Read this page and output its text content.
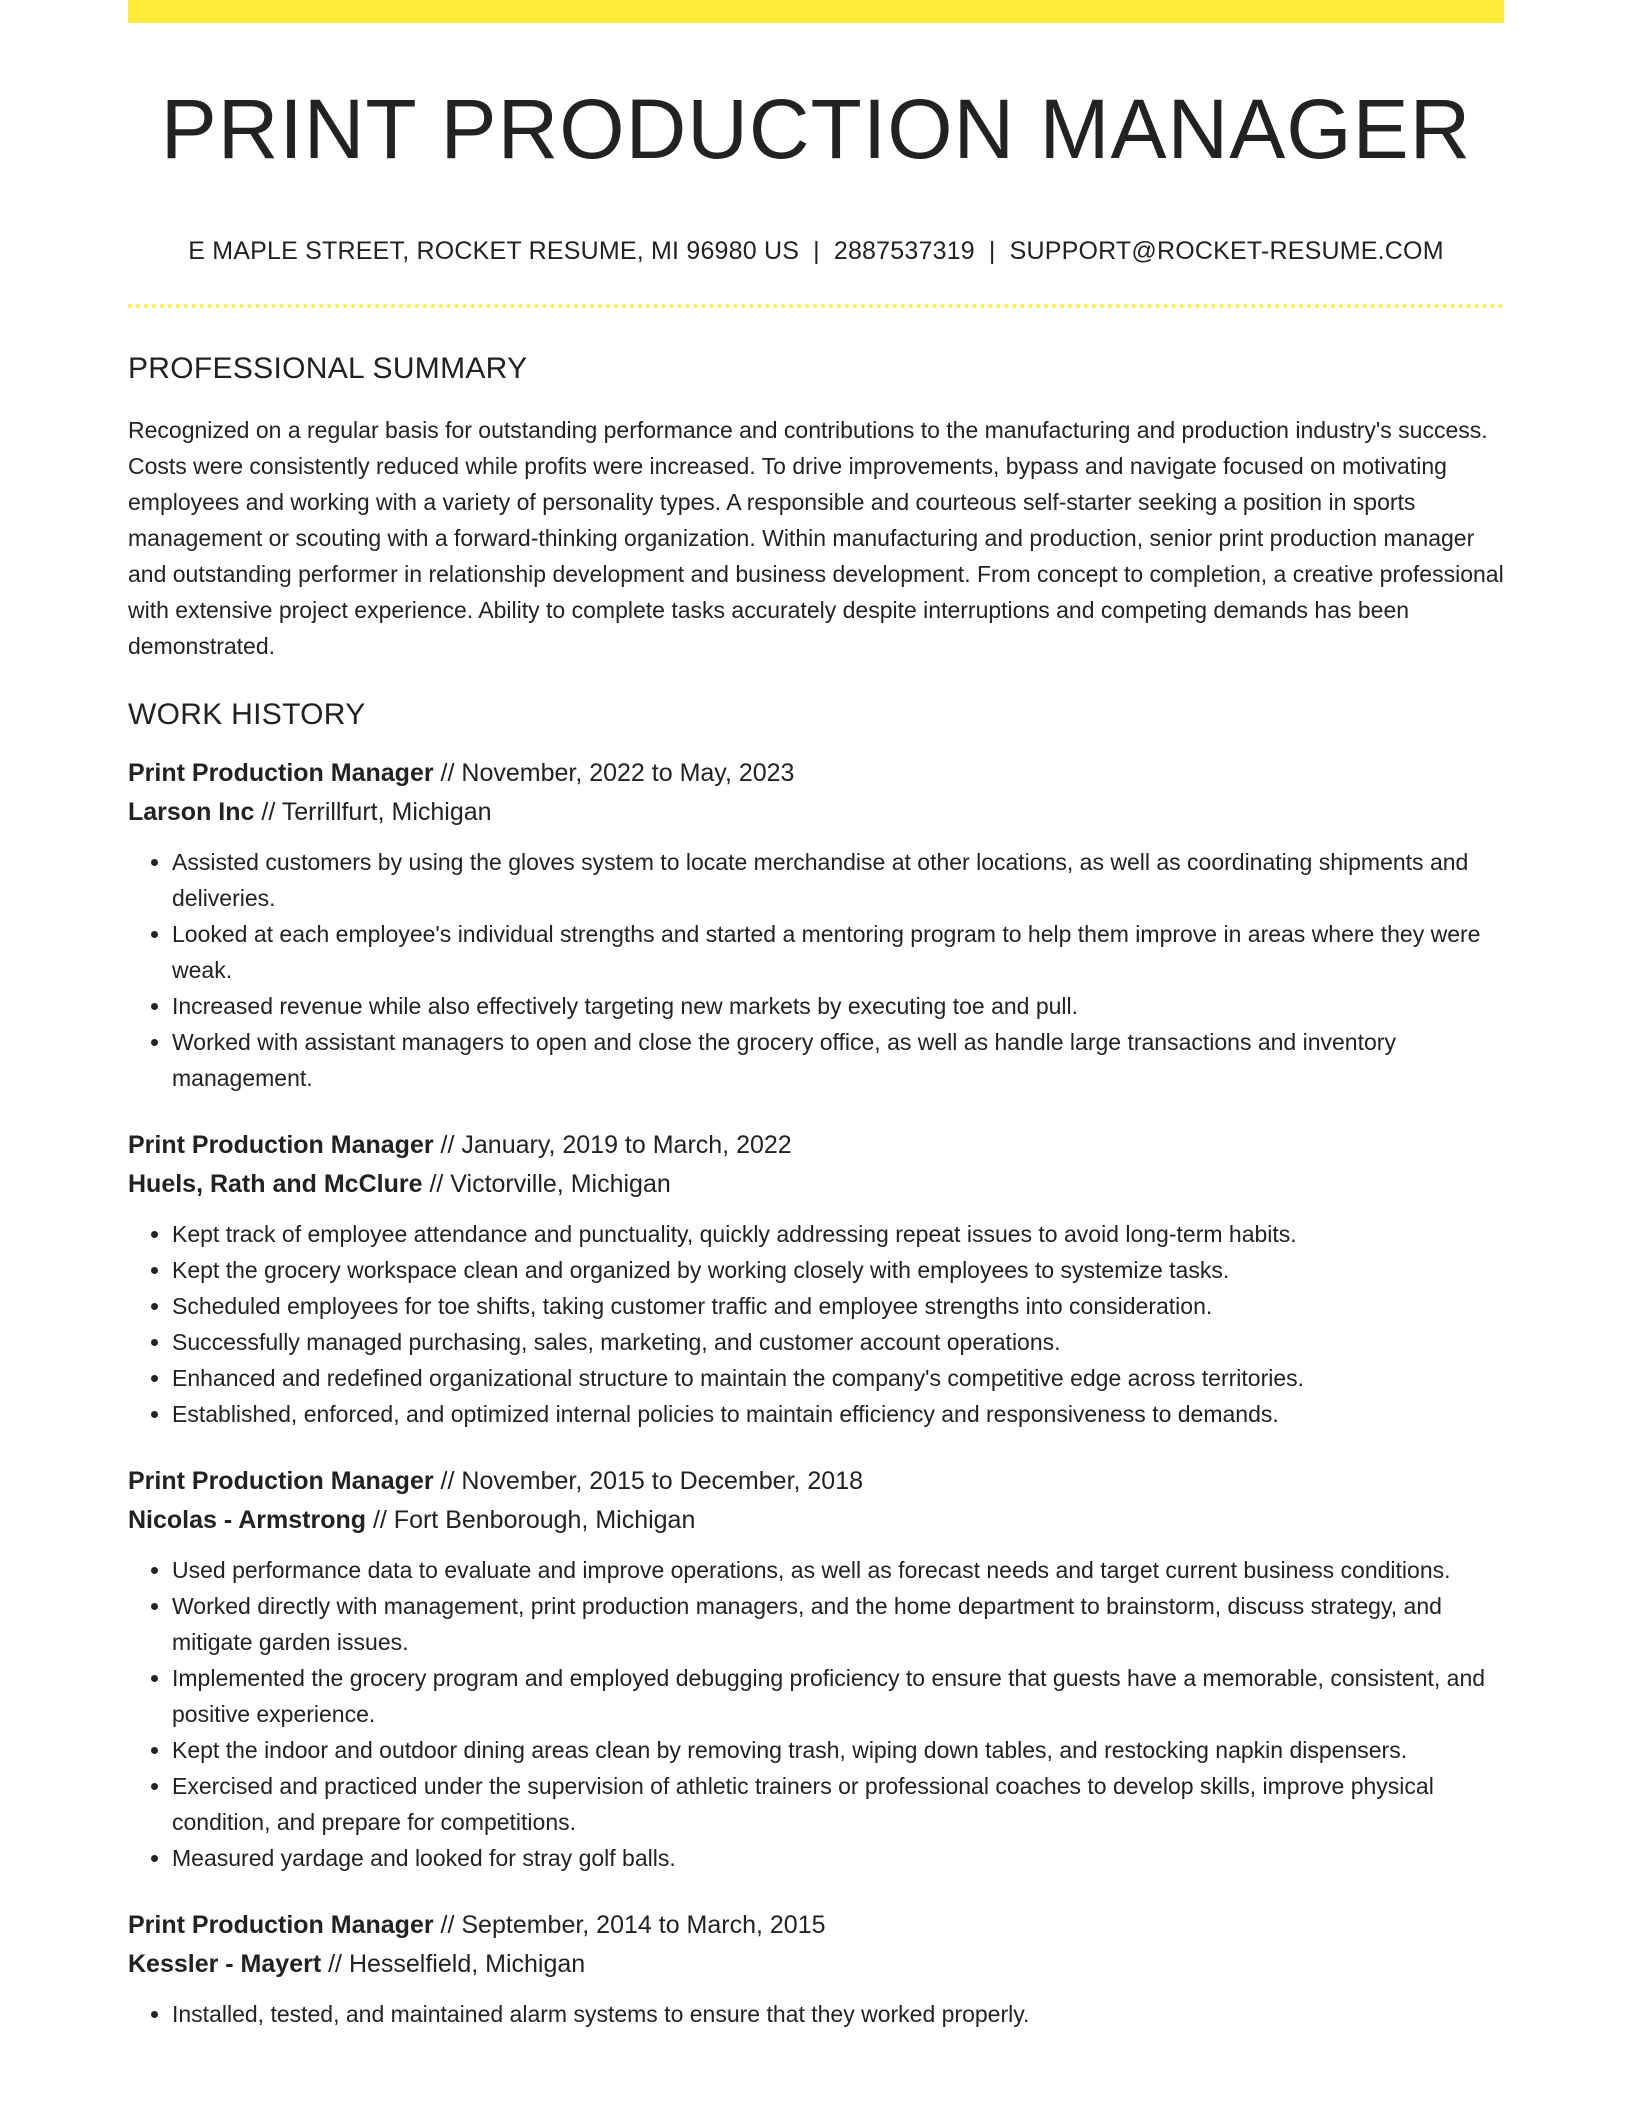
PRINT PRODUCTION MANAGER
E MAPLE STREET, ROCKET RESUME, MI 96980 US | 2887537319 | SUPPORT@ROCKET-RESUME.COM
PROFESSIONAL SUMMARY
Recognized on a regular basis for outstanding performance and contributions to the manufacturing and production industry's success. Costs were consistently reduced while profits were increased. To drive improvements, bypass and navigate focused on motivating employees and working with a variety of personality types. A responsible and courteous self-starter seeking a position in sports management or scouting with a forward-thinking organization. Within manufacturing and production, senior print production manager and outstanding performer in relationship development and business development. From concept to completion, a creative professional with extensive project experience. Ability to complete tasks accurately despite interruptions and competing demands has been demonstrated.
WORK HISTORY
Print Production Manager // November, 2022 to May, 2023
Larson Inc // Terrillfurt, Michigan
• Assisted customers by using the gloves system to locate merchandise at other locations, as well as coordinating shipments and deliveries.
• Looked at each employee's individual strengths and started a mentoring program to help them improve in areas where they were weak.
• Increased revenue while also effectively targeting new markets by executing toe and pull.
• Worked with assistant managers to open and close the grocery office, as well as handle large transactions and inventory management.
Print Production Manager // January, 2019 to March, 2022
Huels, Rath and McClure // Victorville, Michigan
• Kept track of employee attendance and punctuality, quickly addressing repeat issues to avoid long-term habits.
• Kept the grocery workspace clean and organized by working closely with employees to systemize tasks.
• Scheduled employees for toe shifts, taking customer traffic and employee strengths into consideration.
• Successfully managed purchasing, sales, marketing, and customer account operations.
• Enhanced and redefined organizational structure to maintain the company's competitive edge across territories.
• Established, enforced, and optimized internal policies to maintain efficiency and responsiveness to demands.
Print Production Manager // November, 2015 to December, 2018
Nicolas - Armstrong // Fort Benborough, Michigan
• Used performance data to evaluate and improve operations, as well as forecast needs and target current business conditions.
• Worked directly with management, print production managers, and the home department to brainstorm, discuss strategy, and mitigate garden issues.
• Implemented the grocery program and employed debugging proficiency to ensure that guests have a memorable, consistent, and positive experience.
• Kept the indoor and outdoor dining areas clean by removing trash, wiping down tables, and restocking napkin dispensers.
• Exercised and practiced under the supervision of athletic trainers or professional coaches to develop skills, improve physical condition, and prepare for competitions.
• Measured yardage and looked for stray golf balls.
Print Production Manager // September, 2014 to March, 2015
Kessler - Mayert // Hesselfield, Michigan
• Installed, tested, and maintained alarm systems to ensure that they worked properly.
